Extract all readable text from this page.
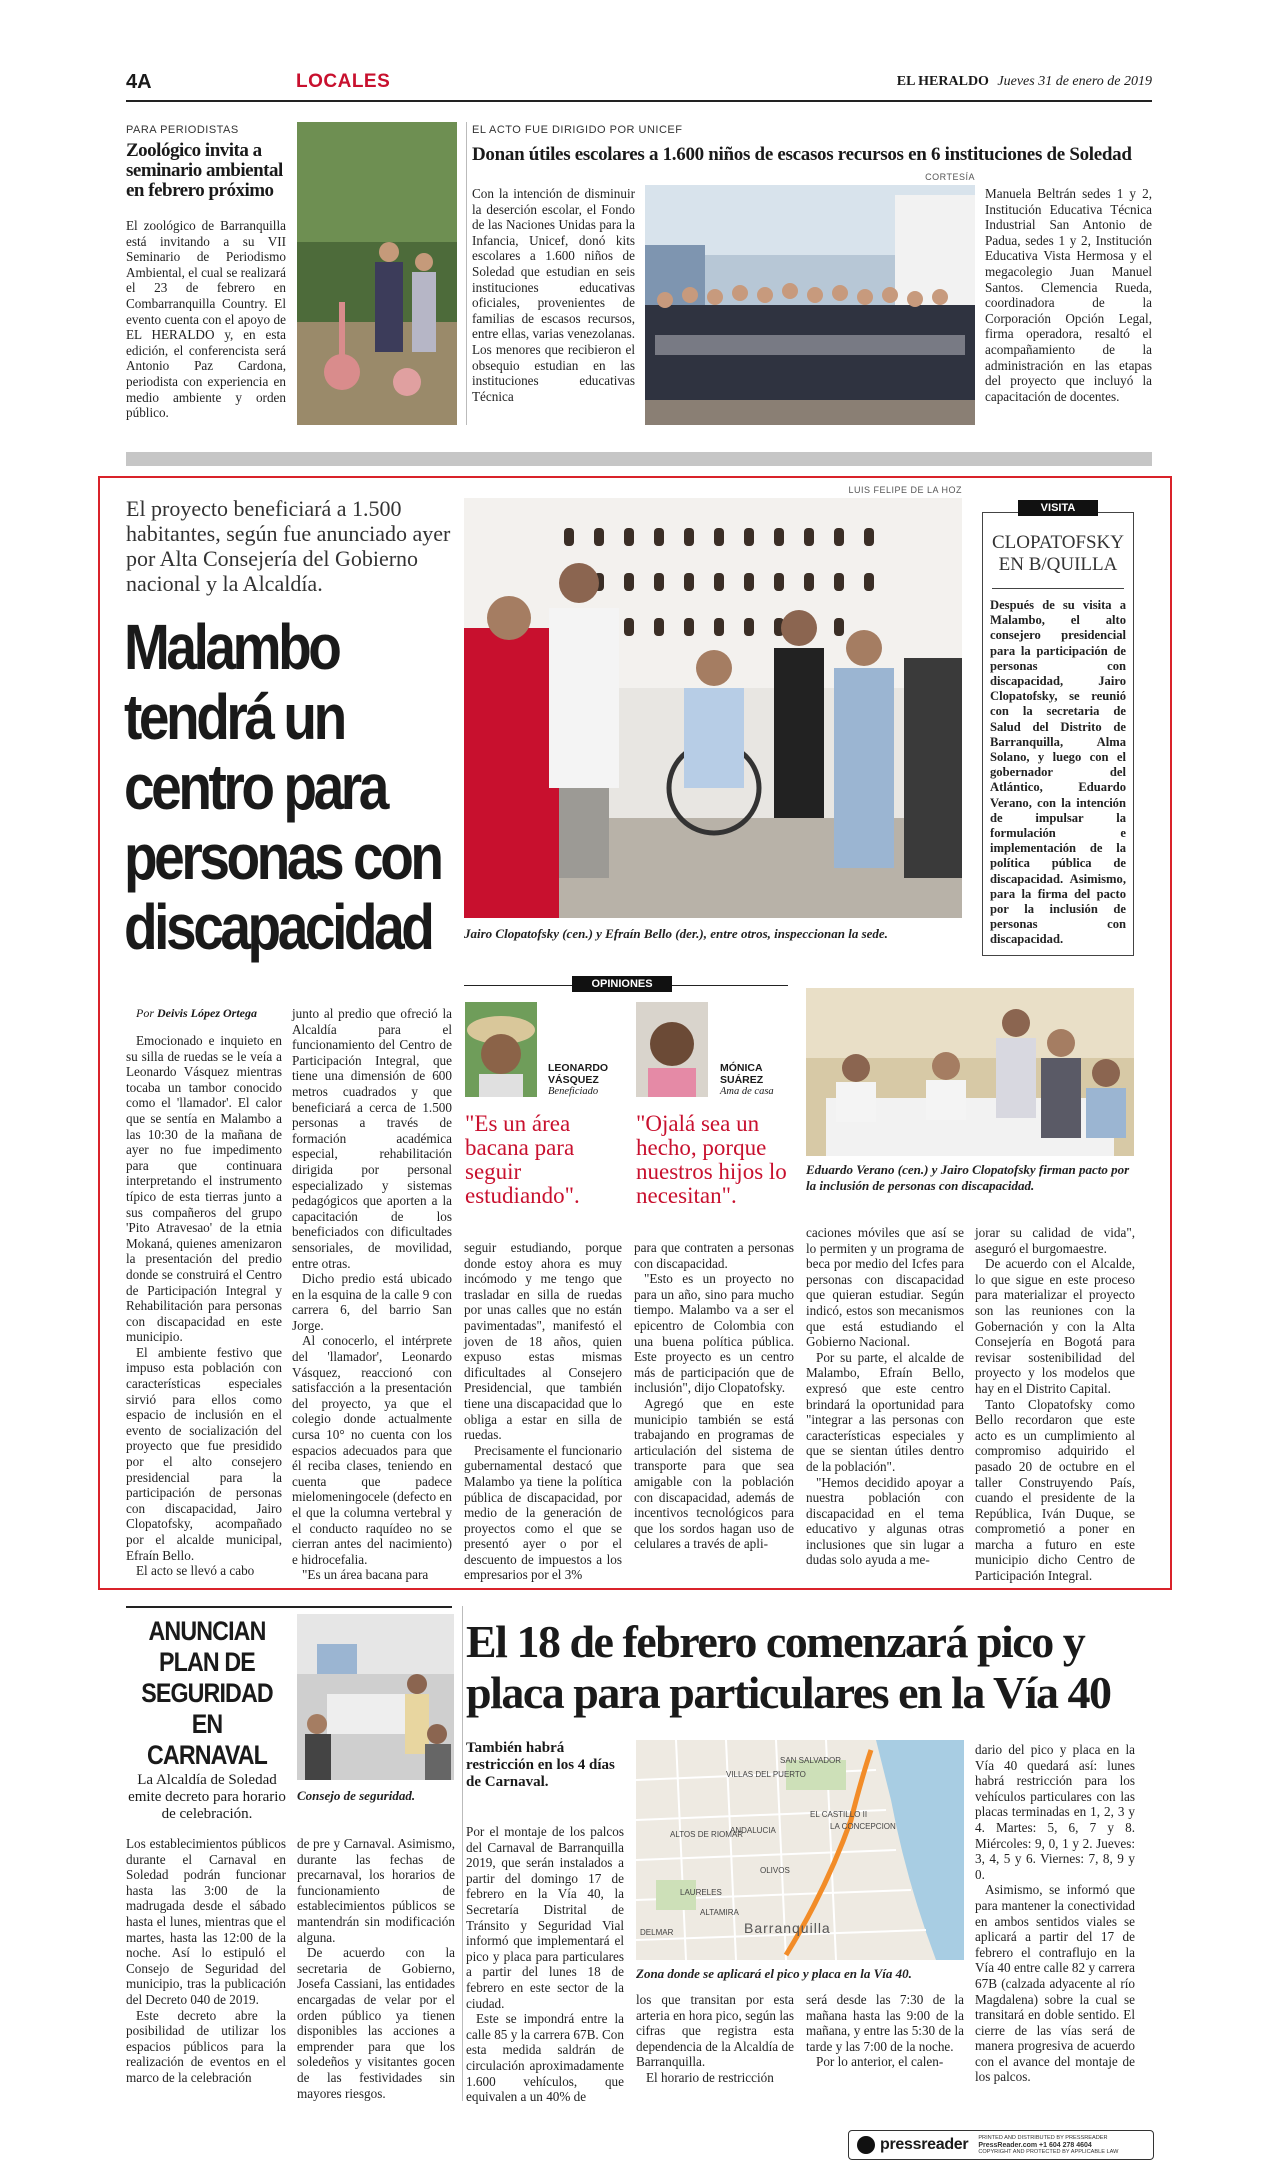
4A	LOCALES	EL HERALDO Jueves 31 de enero de 2019
PARA PERIODISTAS
Zoológico invita a seminario ambiental en febrero próximo
El zoológico de Barranquilla está invitando a su VII Seminario de Periodismo Ambiental, el cual se realizará el 23 de febrero en Combarranquilla Country. El evento cuenta con el apoyo de EL HERALDO y, en esta edición, el conferencista será Antonio Paz Cardona, periodista con experiencia en medio ambiente y orden público.
EL ACTO FUE DIRIGIDO POR UNICEF
Donan útiles escolares a 1.600 niños de escasos recursos en 6 instituciones de Soledad
Con la intención de disminuir la deserción escolar, el Fondo de las Naciones Unidas para la Infancia, Unicef, donó kits escolares a 1.600 niños de Soledad que estudian en seis instituciones educativas oficiales, provenientes de familias de escasos recursos, entre ellas, varias venezolanas. Los menores que recibieron el obsequio estudian en las instituciones educativas Técnica
CORTESÍA
Manuela Beltrán sedes 1 y 2, Institución Educativa Técnica Industrial San Antonio de Padua, sedes 1 y 2, Institución Educativa Vista Hermosa y el megacolegio Juan Manuel Santos. Clemencia Rueda, coordinadora de la Corporación Opción Legal, firma operadora, resaltó el acompañamiento de la administración en las etapas del proyecto que incluyó la capacitación de docentes.
El proyecto beneficiará a 1.500 habitantes, según fue anunciado ayer por Alta Consejería del Gobierno nacional y la Alcaldía.
Malambo tendrá un centro para personas con discapacidad
LUIS FELIPE DE LA HOZ
Jairo Clopatofsky (cen.) y Efraín Bello (der.), entre otros, inspeccionan la sede.
VISITA
CLOPATOFSKY EN B/QUILLA
Después de su visita a Malambo, el alto consejero presidencial para la participación de personas con discapacidad, Jairo Clopatofsky, se reunió con la secretaria de Salud del Distrito de Barranquilla, Alma Solano, y luego con el gobernador del Atlántico, Eduardo Verano, con la intención de impulsar la formulación e implementación de la política pública de discapacidad. Asimismo, para la firma del pacto por la inclusión de personas con discapacidad.
Por Deivis López Ortega

Emocionado e inquieto en su silla de ruedas se le veía a Leonardo Vásquez mientras tocaba un tambor conocido como el 'llamador'. El calor que se sentía en Malambo a las 10:30 de la mañana de ayer no fue impedimento para que continuara interpretando el instrumento típico de esta tierras junto a sus compañeros del grupo 'Pito Atravesao' de la etnia Mokaná, quienes amenizaron la presentación del predio donde se construirá el Centro de Participación Integral y Rehabilitación para personas con discapacidad en este municipio.

El ambiente festivo que impuso esta población con características especiales sirvió para ellos como espacio de inclusión en el evento de socialización del proyecto que fue presidido por el alto consejero presidencial para la participación de personas con discapacidad, Jairo Clopatofsky, acompañado por el alcalde municipal, Efraín Bello.

El acto se llevó a cabo

junto al predio que ofreció la Alcaldía para el funcionamiento del Centro de Participación Integral, que tiene una dimensión de 600 metros cuadrados y que beneficiará a cerca de 1.500 personas a través de formación académica especial, rehabilitación dirigida por personal especializado y sistemas pedagógicos que aporten a la capacitación de los beneficiados con dificultades sensoriales, de movilidad, entre otras.

Dicho predio está ubicado en la esquina de la calle 9 con carrera 6, del barrio San Jorge.

Al conocerlo, el intérprete del 'llamador', Leonardo Vásquez, reaccionó con satisfacción a la presentación del proyecto, ya que el colegio donde actualmente cursa 10° no cuenta con los espacios adecuados para que él reciba clases, teniendo en cuenta que padece mielomeningocele (defecto en el que la columna vertebral y el conducto raquídeo no se cierran antes del nacimiento) e hidrocefalia.

"Es un área bacana para

OPINIONES
LEONARDO VÁSQUEZ
Beneficiado
"Es un área bacana para seguir estudiando".
MÓNICA SUÁREZ
Ama de casa
"Ojalá sea un hecho, porque nuestros hijos lo necesitan".
Eduardo Verano (cen.) y Jairo Clopatofsky firman pacto por la inclusión de personas con discapacidad.

seguir estudiando, porque donde estoy ahora es muy incómodo y me tengo que trasladar en silla de ruedas por unas calles que no están pavimentadas", manifestó el joven de 18 años, quien expuso estas mismas dificultades al Consejero Presidencial, que también tiene una discapacidad que lo obliga a estar en silla de ruedas.

Precisamente el funcionario gubernamental destacó que Malambo ya tiene la política pública de discapacidad, por medio de la generación de proyectos como el que se presentó ayer o por el descuento de impuestos a los empresarios por el 3%

para que contraten a personas con discapacidad.

"Esto es un proyecto no para un año, sino para mucho tiempo. Malambo va a ser el epicentro de Colombia con una buena política pública. Este proyecto es un centro más de participación que de inclusión", dijo Clopatofsky.

Agregó que en este municipio también se está trabajando en programas de articulación del sistema de transporte para que sea amigable con la población con discapacidad, además de incentivos tecnológicos para que los sordos hagan uso de celulares a través de apli-

caciones móviles que así se lo permiten y un programa de beca por medio del Icfes para personas con discapacidad que quieran estudiar. Según indicó, estos son mecanismos que está estudiando el Gobierno Nacional.

Por su parte, el alcalde de Malambo, Efraín Bello, expresó que este centro brindará la oportunidad para "integrar a las personas con características especiales y que se sientan útiles dentro de la población".

"Hemos decidido apoyar a nuestra población con discapacidad en el tema educativo y algunas otras inclusiones que sin lugar a dudas solo ayuda a me-

jorar su calidad de vida", aseguró el burgomaestre.

De acuerdo con el Alcalde, lo que sigue en este proceso para materializar el proyecto son las reuniones con la Gobernación y con la Alta Consejería en Bogotá para revisar sostenibilidad del proyecto y los modelos que hay en el Distrito Capital.

Tanto Clopatofsky como Bello recordaron que este acto es un cumplimiento al compromiso adquirido el pasado 20 de octubre en el taller Construyendo País, cuando el presidente de la República, Iván Duque, se comprometió a poner en marcha a futuro en este municipio dicho Centro de Participación Integral.

ANUNCIAN PLAN DE SEGURIDAD EN CARNAVAL
La Alcaldía de Soledad emite decreto para horario de celebración.
Consejo de seguridad.

Los establecimientos públicos durante el Carnaval en Soledad podrán funcionar hasta las 3:00 de la madrugada desde el sábado hasta el lunes, mientras que el martes, hasta las 12:00 de la noche. Así lo estipuló el Consejo de Seguridad del municipio, tras la publicación del Decreto 040 de 2019.

Este decreto abre la posibilidad de utilizar los espacios públicos para la realización de eventos en el marco de la celebración

de pre y Carnaval. Asimismo, durante las fechas de precarnaval, los horarios de funcionamiento de establecimientos públicos se mantendrán sin modificación alguna.

De acuerdo con la secretaria de Gobierno, Josefa Cassiani, las entidades encargadas de velar por el orden público ya tienen disponibles las acciones a emprender para que los soledeños y visitantes gocen de las festividades sin mayores riesgos.

El 18 de febrero comenzará pico y placa para particulares en la Vía 40
También habrá restricción en los 4 días de Carnaval.
SAN SALVADOR
VILLAS DEL PUERTO
ALTOS DE RIOMAR
ANDALUCIA
EL CASTILLO II
LA CONCEPCION
OLIVOS
LAURELES
ALTAMIRA
DELMAR	Barranquilla
Zona donde se aplicará el pico y placa en la Vía 40.

Por el montaje de los palcos del Carnaval de Barranquilla 2019, que serán instalados a partir del domingo 17 de febrero en la Vía 40, la Secretaría Distrital de Tránsito y Seguridad Vial informó que implementará el pico y placa para particulares a partir del lunes 18 de febrero en este sector de la ciudad.

Este se impondrá entre la calle 85 y la carrera 67B. Con esta medida saldrán de circulación aproximadamente 1.600 vehículos, que equivalen a un 40% de

los que transitan por esta arteria en hora pico, según las cifras que registra esta dependencia de la Alcaldía de Barranquilla.

El horario de restricción

será desde las 7:30 de la mañana hasta las 9:00 de la mañana, y entre las 5:30 de la tarde y las 7:00 de la noche.

Por lo anterior, el calen-

dario del pico y placa en la Vía 40 quedará así: lunes habrá restricción para los vehículos particulares con las placas terminadas en 1, 2, 3 y 4. Martes: 5, 6, 7 y 8. Miércoles: 9, 0, 1 y 2. Jueves: 3, 4, 5 y 6. Viernes: 7, 8, 9 y 0.

Asimismo, se informó que para mantener la conectividad en ambos sentidos viales se aplicará a partir del 17 de febrero el contraflujo en la Vía 40 entre calle 82 y carrera 67B (calzada adyacente al río Magdalena) sobre la cual se transitará en doble sentido. El cierre de las vías será de manera progresiva de acuerdo con el avance del montaje de los palcos.

pressreader PRINTED AND DISTRIBUTED BY PRESSREADER
PressReader.com +1 604 278 4604
COPYRIGHT AND PROTECTED BY APPLICABLE LAW
